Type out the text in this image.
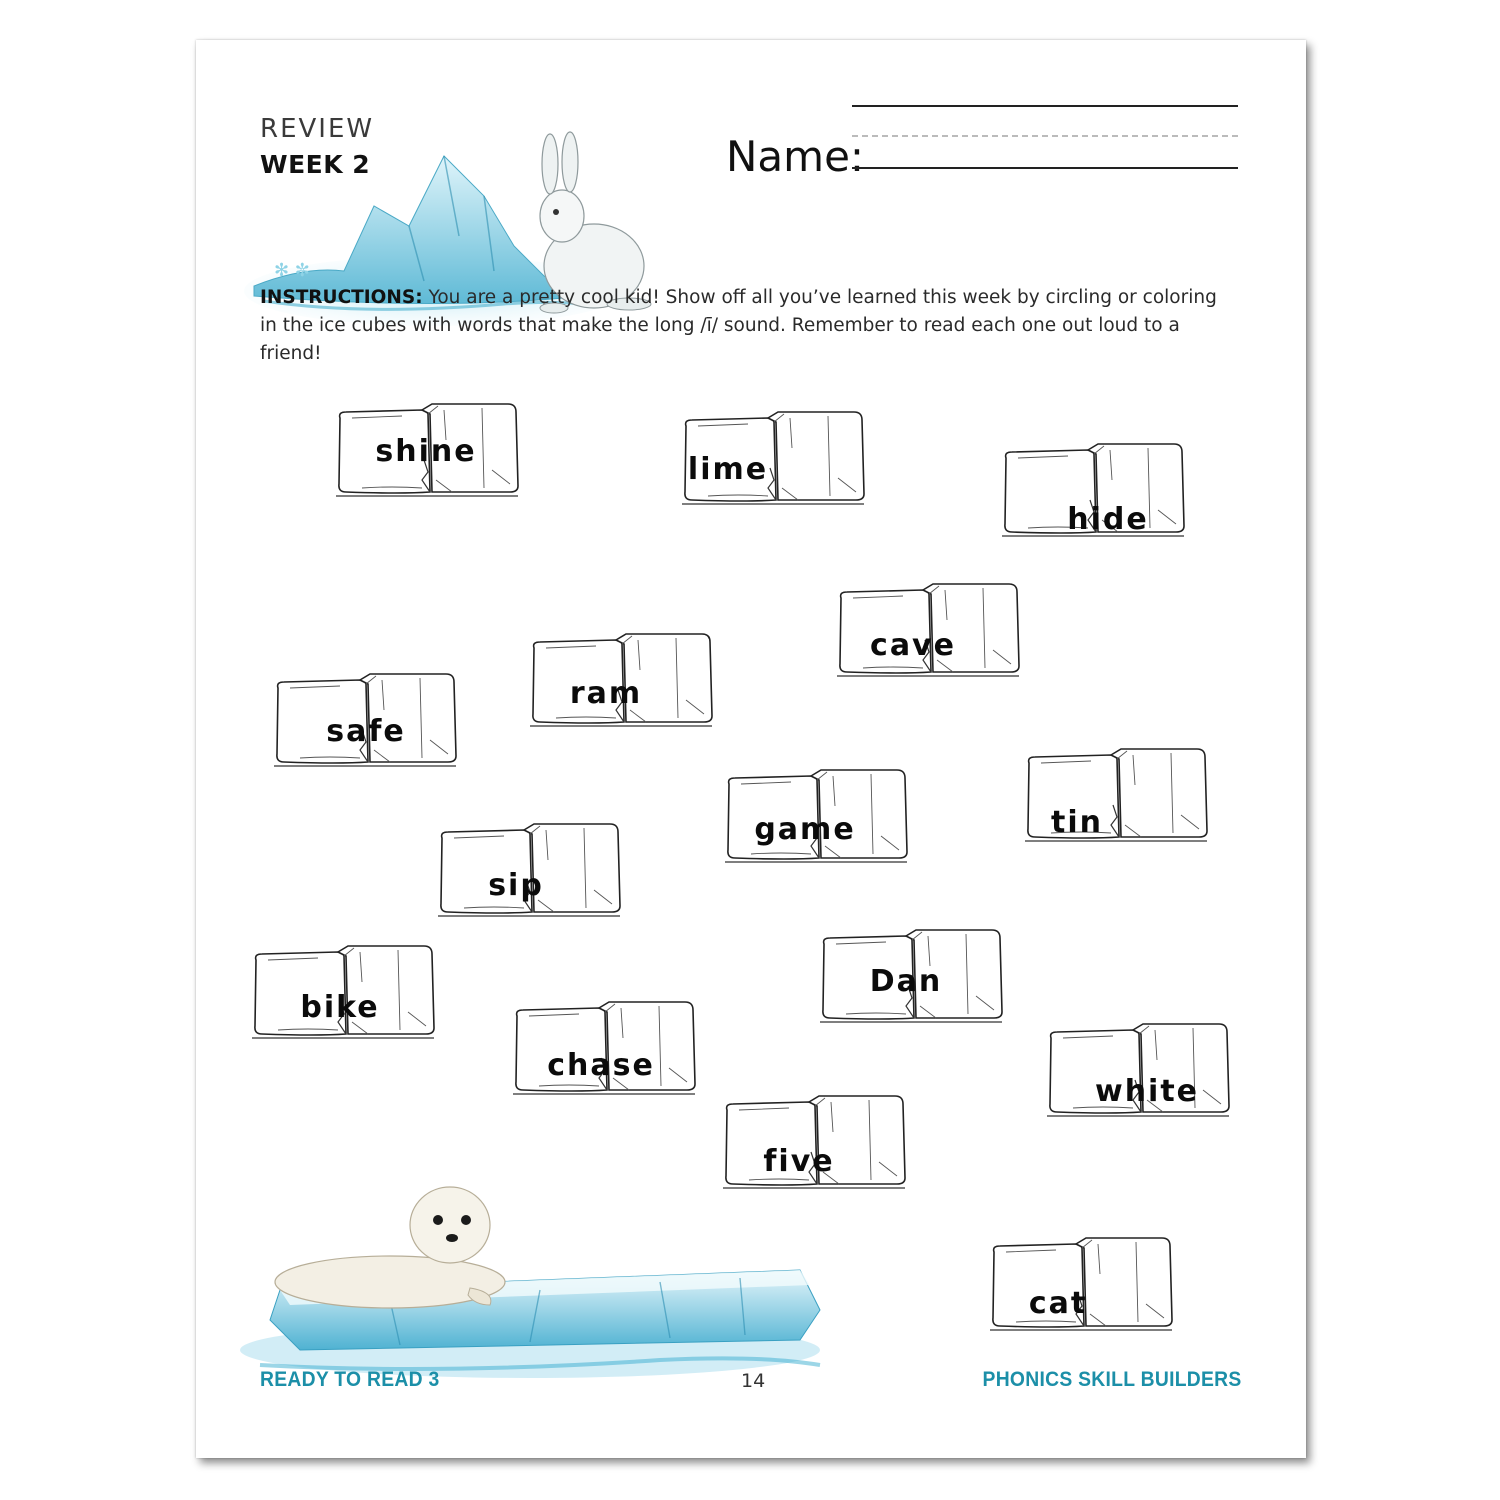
✻ ✼
REVIEW
WEEK 2	Name:
INSTRUCTIONS: You are a pretty cool kid! Show off all you’ve learned this week by circling or coloring
in the ice cubes with words that make the long /ī/ sound. Remember to read each one out loud to a friend!
shine
lime
hide
cave
ram
safe
game	tin
sip
Dan
bike
chase
white
five
cat
READY TO READ 3	14	PHONICS SKILL BUILDERS
